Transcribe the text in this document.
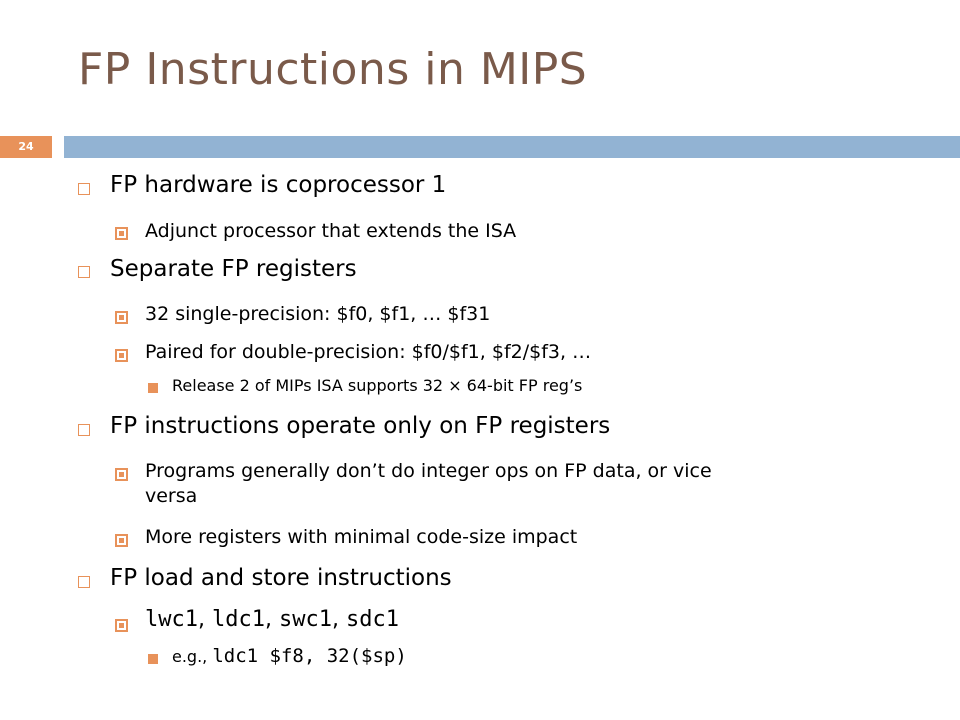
FP Instructions in MIPS
24
FP hardware is coprocessor 1
Adjunct processor that extends the ISA
Separate FP registers
32 single-precision: $f0, $f1, … $f31
Paired for double-precision: $f0/$f1, $f2/$f3, …
Release 2 of MIPs ISA supports 32 × 64-bit FP reg’s
FP instructions operate only on FP registers
Programs generally don’t do integer ops on FP data, or vice
versa
More registers with minimal code-size impact
FP load and store instructions
lwc1, ldc1, swc1, sdc1
e.g., ldc1 $f8, 32($sp)
